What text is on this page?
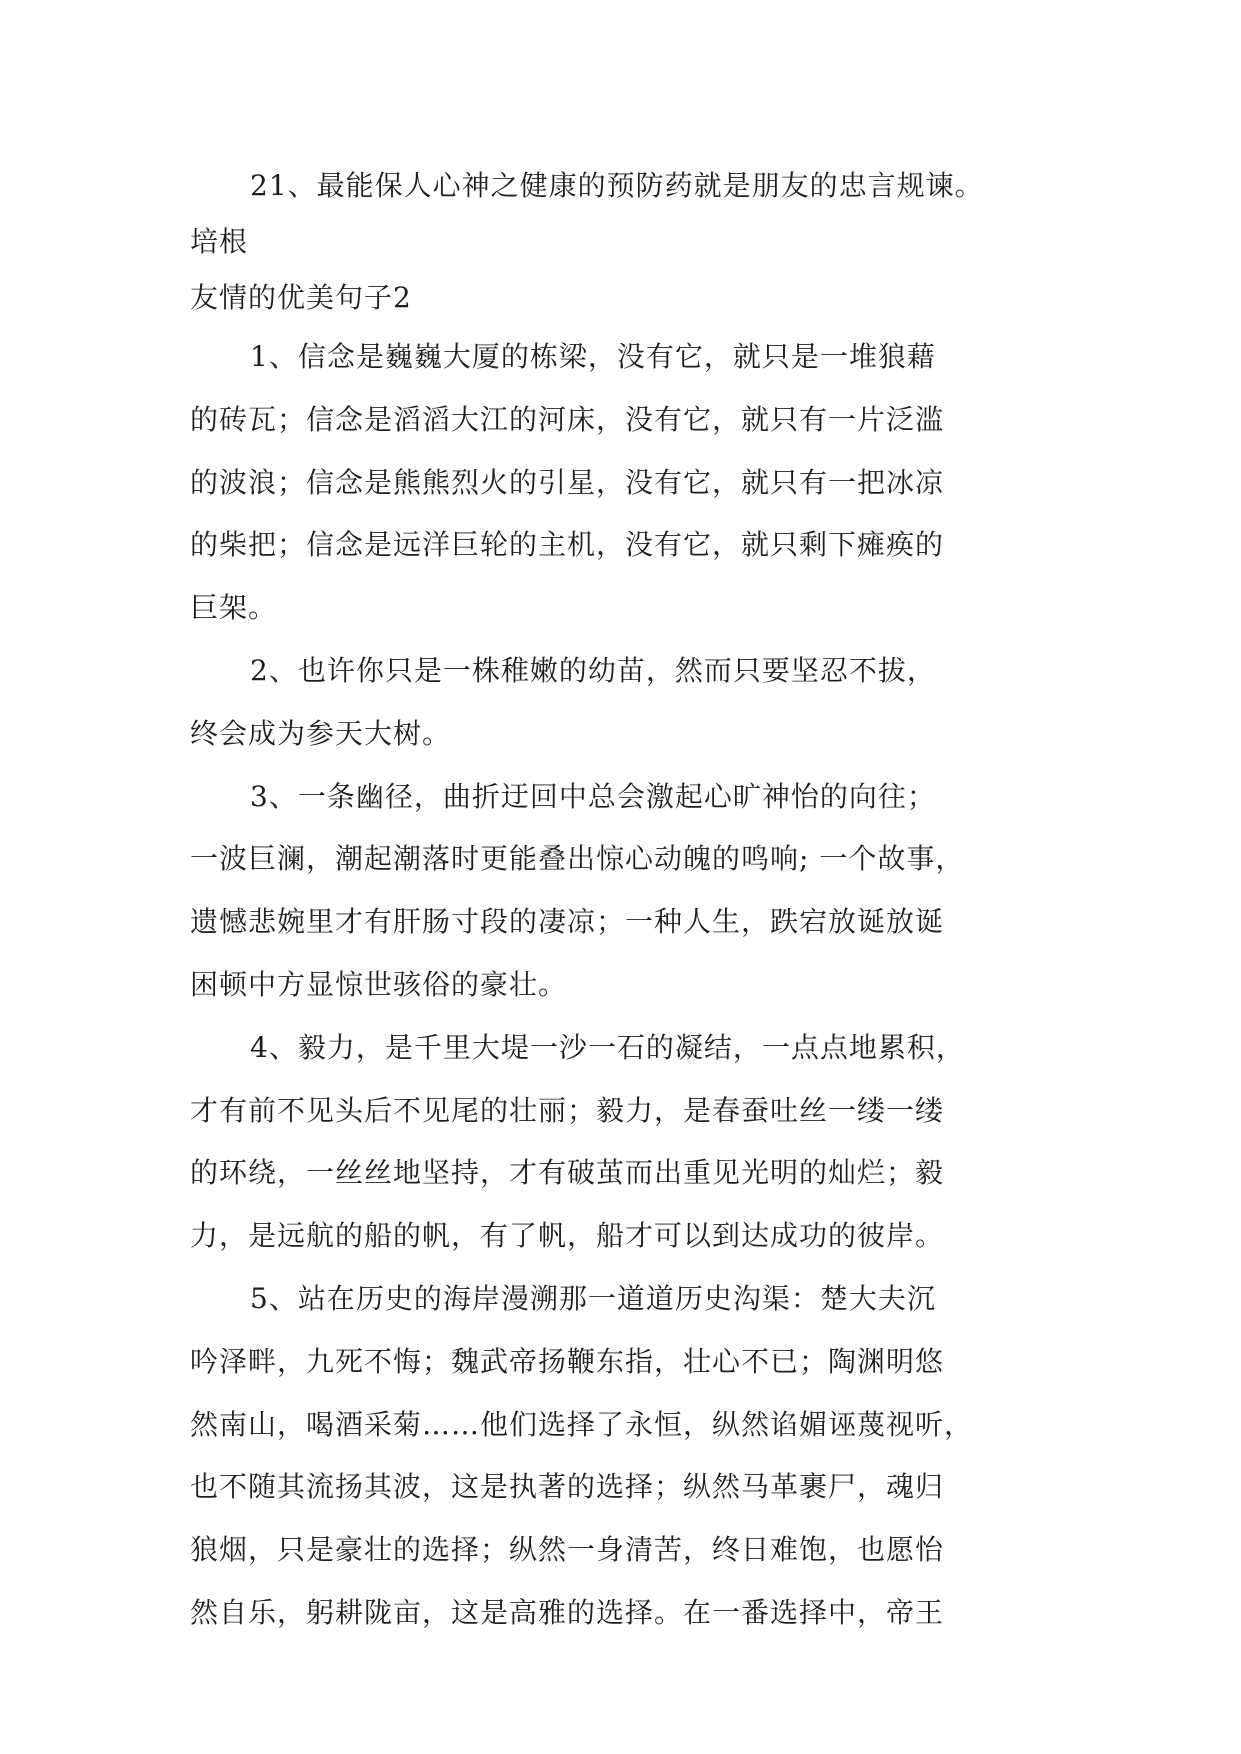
21、最能保人心神之健康的预防药就是朋友的忠言规谏。

培根

友情的优美句子2

1、信念是巍巍大厦的栋梁，没有它，就只是一堆狼藉

的砖瓦；信念是滔滔大江的河床，没有它，就只有一片泛滥

的波浪；信念是熊熊烈火的引星，没有它，就只有一把冰凉

的柴把；信念是远洋巨轮的主机，没有它，就只剩下瘫痪的

巨架。

2、也许你只是一株稚嫩的幼苗，然而只要坚忍不拔，

终会成为参天大树。

3、一条幽径，曲折迂回中总会激起心旷神怡的向往；

一波巨澜，潮起潮落时更能叠出惊心动魄的鸣响; 一个故事，

遗憾悲婉里才有肝肠寸段的凄凉；一种人生，跌宕放诞放诞

困顿中方显惊世骇俗的豪壮。

4、毅力，是千里大堤一沙一石的凝结，一点点地累积，

才有前不见头后不见尾的壮丽；毅力，是春蚕吐丝一缕一缕

的环绕，一丝丝地坚持，才有破茧而出重见光明的灿烂；毅

力，是远航的船的帆，有了帆，船才可以到达成功的彼岸。

5、站在历史的海岸漫溯那一道道历史沟渠：楚大夫沉

吟泽畔，九死不悔；魏武帝扬鞭东指，壮心不已；陶渊明悠

然南山，喝酒采菊……他们选择了永恒，纵然谄媚诬蔑视听，

也不随其流扬其波，这是执著的选择；纵然马革裹尸，魂归

狼烟，只是豪壮的选择；纵然一身清苦，终日难饱，也愿怡

然自乐，躬耕陇亩，这是高雅的选择。在一番选择中，帝王
